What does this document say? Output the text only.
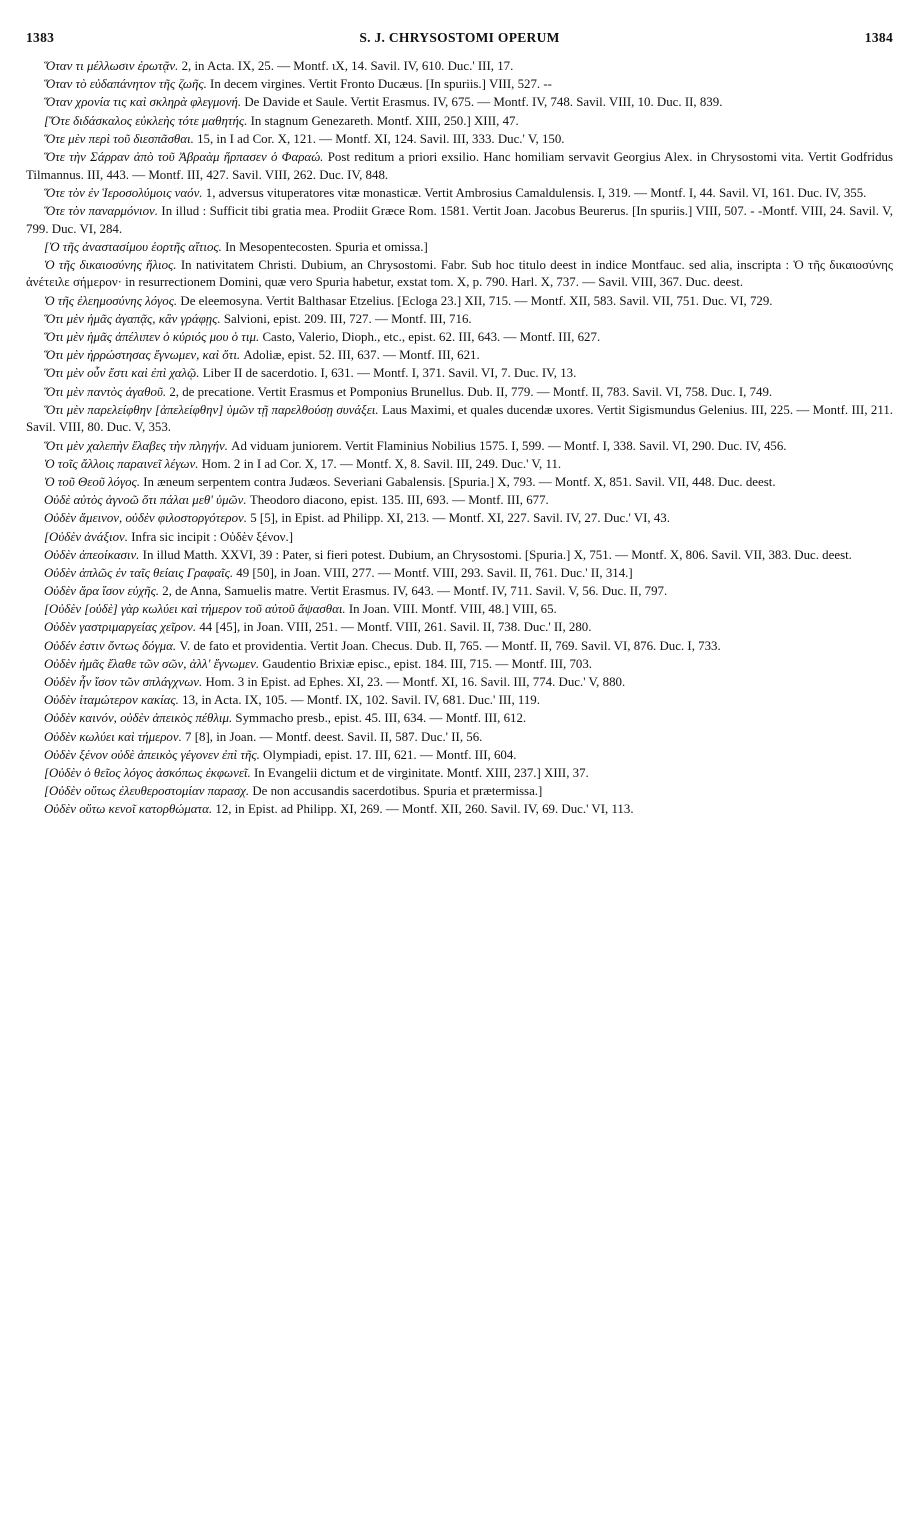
1383	S. J. CHRYSOSTOMI OPERUM	1384

Ὅταν τι μέλλωσιν ἐρωτᾷν. 2, in Acta. IX, 25. — Montf. ιX, 14. Savil. IV, 610. Duc.' III, 17.

Ὅταν τὸ εὐδαπάνητον τῆς ζωῆς. In decem virgines. Vertit Fronto Ducæus. [In spuriis.] VIII, 527. --

Ὅταν χρονία τις καὶ σκληρὰ φλεγμονή. De Davide et Saule. Vertit Erasmus. IV, 675. — Montf. IV, 748. Savil. VIII, 10. Duc. II, 839.

[Ὅτε διδάσκαλος εὐκλεὴς τότε μαθητής. In stagnum Genezareth. Montf. XIII, 250.] XIII, 47.

Ὅτε μὲν περὶ τοῦ διεσπᾶσθαι. 15, in I ad Cor. X, 121. — Montf. XI, 124. Savil. III, 333. Duc.' V, 150.

Ὅτε τὴν Σάρραν ἀπὸ τοῦ Ἀβραὰμ ἥρπασεν ὁ Φαραώ. Post reditum a priori exsilio. Hanc homiliam servavit Georgius Alex. in Chrysostomi vita. Vertit Godfridus Tilmannus. III, 443. — Montf. III, 427. Savil. VIII, 262. Duc. IV, 848.

Ὅτε τὸν ἐν Ἱεροσολύμοις ναόν. 1, adversus vituperatores vitæ monasticæ. Vertit Ambrosius Camaldulensis. I, 319. — Montf. I, 44. Savil. VI, 161. Duc. IV, 355.

Ὅτε τὸν παναρμόνιον. In illud : Sufficit tibi gratia mea. Prodiit Græce Rom. 1581. Vertit Joan. Jacobus Beurerus. [In spuriis.] VIII, 507. - -Montf. VIII, 24. Savil. V, 799. Duc. VI, 284.

[Ὁ τῆς ἀναστασίμου ἑορτῆς αἴτιος. In Mesopentecosten. Spuria et omissa.]

Ὁ τῆς δικαιοσύνης ἥλιος. In nativitatem Christi. Dubium, an Chrysostomi. Fabr. Sub hoc titulo deest in indice Montfauc. sed alia, inscripta : Ὁ τῆς δικαιοσύνης ἀνέτειλε σήμερον· in resurrectionem Domini, quæ vero Spuria habetur, exstat tom. X, p. 790. Harl. X, 737. — Savil. VIII, 367. Duc. deest.

Ὁ τῆς ἐλεημοσύνης λόγος. De eleemosyna. Vertit Balthasar Etzelius. [Ecloga 23.] XII, 715. — Montf. XII, 583. Savil. VII, 751. Duc. VI, 729.

Ὅτι μὲν ἡμᾶς ἀγαπᾷς, κἂν γράφῃς. Salvioni, epist. 209. III, 727. — Montf. III, 716.

Ὅτι μὲν ἡμᾶς ἀπέλιπεν ὁ κύριός μου ὁ τιμ. Casto, Valerio, Dioph., etc., epist. 62. III, 643. — Montf. III, 627.

Ὅτι μὲν ἠρρώστησας ἔγνωμεν, καὶ ὅτι. Adoliæ, epist. 52. III, 637. — Montf. III, 621.

Ὅτι μὲν οὖν ἔστι καὶ ἐπὶ χαλῷ. Liber II de sacerdotio. I, 631. — Montf. I, 371. Savil. VI, 7. Duc. IV, 13.

Ὅτι μὲν παντὸς ἀγαθοῦ. 2, de precatione. Vertit Erasmus et Pomponius Brunellus. Dub. II, 779. — Montf. II, 783. Savil. VI, 758. Duc. I, 749.

Ὅτι μὲν παρελείφθην [ἀπελείφθην] ὑμῶν τῇ παρελθούσῃ συνάξει. Laus Maximi, et quales ducendæ uxores. Vertit Sigismundus Gelenius. III, 225. — Montf. III, 211. Savil. VIII, 80. Duc. V, 353.

Ὅτι μὲν χαλεπὴν ἔλαβες τὴν πληγήν. Ad viduam juniorem. Vertit Flaminius Nobilius 1575. I, 599. — Montf. I, 338. Savil. VI, 290. Duc. IV, 456.

Ὁ τοῖς ἄλλοις παραινεῖ λέγων. Hom. 2 in I ad Cor. X, 17. — Montf. X, 8. Savil. III, 249. Duc.' V, 11.

Ὁ τοῦ Θεοῦ λόγος. In æneum serpentem contra Judæos. Severiani Gabalensis. [Spuria.] X, 793. — Montf. X, 851. Savil. VII, 448. Duc. deest.

Οὐδὲ αὐτὸς ἀγνοῶ ὅτι πάλαι μεθ' ὑμῶν. Theodoro diacono, epist. 135. III, 693. — Montf. III, 677.

Οὐδὲν ἄμεινον, οὐδὲν φιλοστοργότερον. 5 [5], in Epist. ad Philipp. XI, 213. — Montf. XI, 227. Savil. IV, 27. Duc.' VI, 43.

[Οὐδὲν ἀνάξιον. Infra sic incipit : Οὐδὲν ξένον.]

Οὐδὲν ἀπεοίκασιν. In illud Matth. XXVI, 39 : Pater, si fieri potest. Dubium, an Chrysostomi. [Spuria.] X, 751. — Montf. X, 806. Savil. VII, 383. Duc. deest.

Οὐδὲν ἁπλῶς ἐν ταῖς θείαις Γραφαῖς. 49 [50], in Joan. VIII, 277. — Montf. VIII, 293. Savil. II, 761. Duc.' II, 314.]

Οὐδὲν ἄρα ἴσον εὐχῆς. 2, de Anna, Samuelis matre. Vertit Erasmus. IV, 643. — Montf. IV, 711. Savil. V, 56. Duc. II, 797.

[Οὐδὲν [οὐδὲ] γὰρ κωλύει καὶ τήμερον τοῦ αὐτοῦ ἅψασθαι. In Joan. VIII. Montf. VIII, 48.] VIII, 65.

Οὐδὲν γαστριμαργείας χεῖρον. 44 [45], in Joan. VIII, 251. — Montf. VIII, 261. Savil. II, 738. Duc.' II, 280.

Οὐδέν ἐστιν ὄντως δόγμα. V. de fato et providentia. Vertit Joan. Checus. Dub. II, 765. — Montf. II, 769. Savil. VI, 876. Duc. I, 733.

Οὐδὲν ἡμᾶς ἔλαθε τῶν σῶν, ἀλλ' ἔγνωμεν. Gaudentio Brixiæ episc., epist. 184. III, 715. — Montf. III, 703.

Οὐδὲν ἦν ἴσον τῶν σπλάγχνων. Hom. 3 in Epist. ad Ephes. XI, 23. — Montf. XI, 16. Savil. III, 774. Duc.' V, 880.

Οὐδὲν ἰταμώτερον κακίας. 13, in Acta. IX, 105. — Montf. IX, 102. Savil. IV, 681. Duc.' III, 119.

Οὐδὲν καινόν, οὐδὲν ἀπεικὸς πέθλιμ. Symmacho presb., epist. 45. III, 634. — Montf. III, 612.

Οὐδὲν κωλύει καὶ τήμερον. 7 [8], in Joan. — Montf. deest. Savil. II, 587. Duc.' II, 56.

Οὐδὲν ξένον οὐδὲ ἀπεικὸς γέγονεν ἐπὶ τῆς. Olympiadi, epist. 17. III, 621. — Montf. III, 604.

[Οὐδὲν ὁ θεῖος λόγος ἀσκόπως ἐκφωνεῖ. In Evangelii dictum et de virginitate. Montf. XIII, 237.] XIII, 37.

[Οὐδὲν οὕτως ἐλευθεροστομίαν παρασχ. De non accusandis sacerdotibus. Spuria et prætermissa.]

Οὐδὲν οὕτω κενοῖ κατορθώματα. 12, in Epist. ad Philipp. XI, 269. — Montf. XII, 260. Savil. IV, 69. Duc.' VI, 113.
